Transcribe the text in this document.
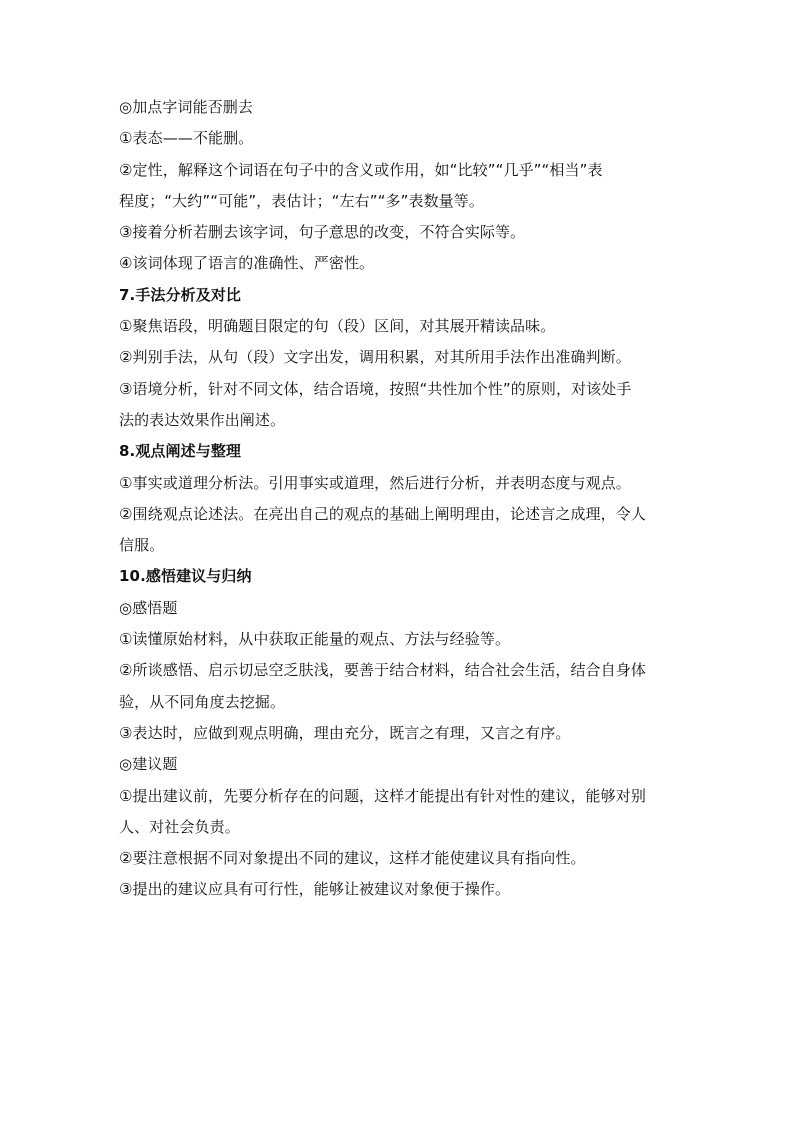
◎加点字词能否删去
①表态——不能删。
②定性，解释这个词语在句子中的含义或作用，如“比较”“几乎”“相当”表
程度；“大约”“可能”，表估计；“左右”“多”表数量等。
③接着分析若删去该字词，句子意思的改变，不符合实际等。
④该词体现了语言的准确性、严密性。
7.手法分析及对比
①聚焦语段，明确题目限定的句（段）区间，对其展开精读品味。
②判别手法，从句（段）文字出发，调用积累，对其所用手法作出准确判断。
③语境分析，针对不同文体，结合语境，按照“共性加个性”的原则，对该处手
法的表达效果作出阐述。
8.观点阐述与整理
①事实或道理分析法。引用事实或道理，然后进行分析，并表明态度与观点。
②围绕观点论述法。在亮出自己的观点的基础上阐明理由，论述言之成理，令人
信服。
10.感悟建议与归纳
◎感悟题
①读懂原始材料，从中获取正能量的观点、方法与经验等。
②所谈感悟、启示切忌空乏肤浅，要善于结合材料，结合社会生活，结合自身体
验，从不同角度去挖掘。
③表达时，应做到观点明确，理由充分，既言之有理，又言之有序。
◎建议题
①提出建议前，先要分析存在的问题，这样才能提出有针对性的建议，能够对别
人、对社会负责。
②要注意根据不同对象提出不同的建议，这样才能使建议具有指向性。
③提出的建议应具有可行性，能够让被建议对象便于操作。
